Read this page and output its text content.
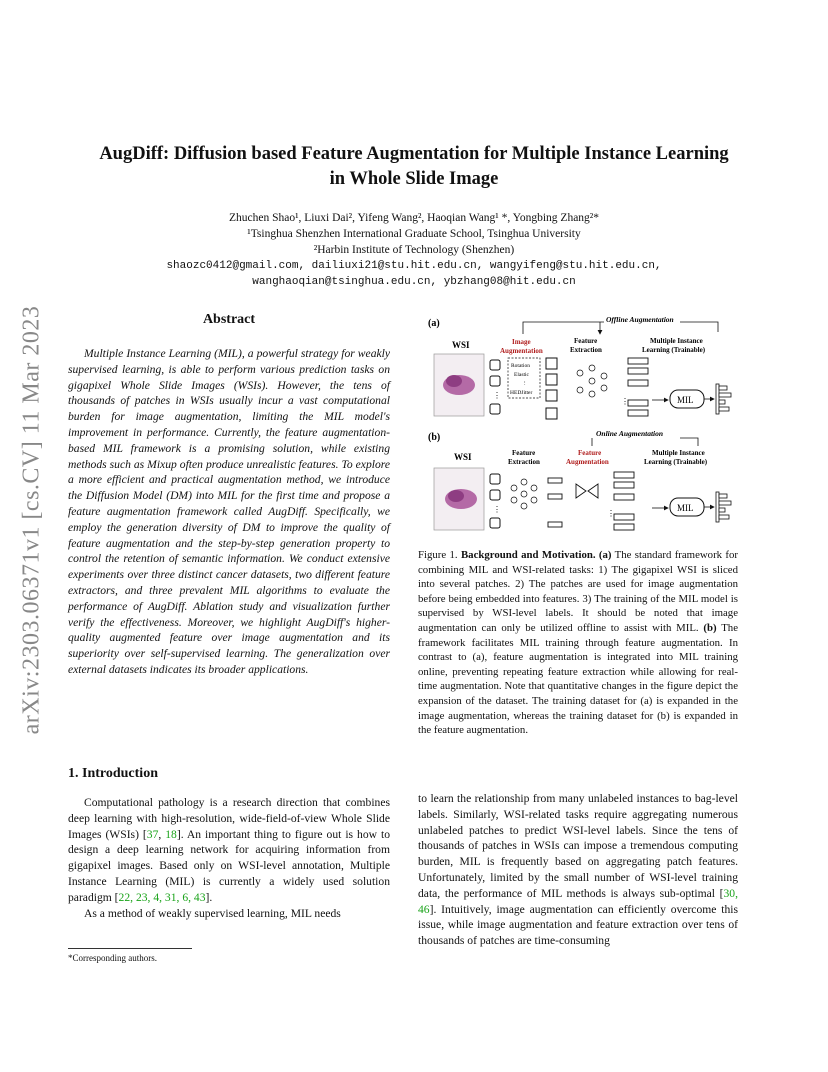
arXiv:2303.06371v1 [cs.CV] 11 Mar 2023
AugDiff: Diffusion based Feature Augmentation for Multiple Instance Learning
in Whole Slide Image
Zhuchen Shao¹, Liuxi Dai², Yifeng Wang², Haoqian Wang¹ *, Yongbing Zhang²*
¹Tsinghua Shenzhen International Graduate School, Tsinghua University
²Harbin Institute of Technology (Shenzhen)
shaozc0412@gmail.com, dailiuxi21@stu.hit.edu.cn, wangyifeng@stu.hit.edu.cn,
wanghaoqian@tsinghua.edu.cn, ybzhang08@hit.edu.cn
Abstract
Multiple Instance Learning (MIL), a powerful strategy for weakly supervised learning, is able to perform various prediction tasks on gigapixel Whole Slide Images (WSIs). However, the tens of thousands of patches in WSIs usually incur a vast computational burden for image augmentation, limiting the MIL model's improvement in performance. Currently, the feature augmentation-based MIL framework is a promising solution, while existing methods such as Mixup often produce unrealistic features. To explore a more efficient and practical augmentation method, we introduce the Diffusion Model (DM) into MIL for the first time and propose a feature augmentation framework called AugDiff. Specifically, we employ the generation diversity of DM to improve the quality of feature augmentation and the step-by-step generation property to control the retention of semantic information. We conduct extensive experiments over three distinct cancer datasets, two different feature extractors, and three prevalent MIL algorithms to evaluate the performance of AugDiff. Ablation study and visualization further verify the effectiveness. Moreover, we highlight AugDiff's higher-quality augmented feature over image augmentation and its superiority over self-supervised learning. The generalization over external datasets indicates its broader applications.
1. Introduction

Computational pathology is a research direction that combines deep learning with high-resolution, wide-field-of-view Whole Slide Images (WSIs) [37, 18]. An important thing to figure out is how to design a deep learning network for acquiring information from gigapixel images. Based only on WSI-level annotation, Multiple Instance Learning (MIL) is currently a widely used solution paradigm [22, 23, 4, 31, 6, 43].

As a method of weakly supervised learning, MIL needs

*Corresponding authors.
to learn the relationship from many unlabeled instances to bag-level labels. Similarly, WSI-related tasks require aggregating numerous unlabeled patches to predict WSI-level labels. Since the tens of thousands of patches in WSIs can impose a tremendous computing burden, MIL is frequently based on aggregating patch features. Unfortunately, limited by the small number of WSI-level training data, the performance of MIL methods is always sub-optimal [30, 46]. Intuitively, image augmentation can efficiently overcome this issue, while image augmentation and feature extraction over tens of thousands of patches are time-consuming
(a)	Offline Augmentation
WSI	Image
Augmentation
Feature
Extraction
Multiple Instance
Learning (Trainable)
⋮
Rotation
Elastic
⋮
HEDJitter
⋮	MIL
(b)	Online Augmentation
WSI	Feature
Extraction
Feature
Augmentation
Multiple Instance
Learning (Trainable)
⋮	⋮
MIL
Figure 1. Background and Motivation. (a) The standard framework for combining MIL and WSI-related tasks: 1) The gigapixel WSI is sliced into several patches. 2) The patches are used for image augmentation before being embedded into features. 3) The training of the MIL model is supervised by WSI-level labels. It should be noted that image augmentation can only be utilized offline to assist with MIL. (b) The framework facilitates MIL training through feature augmentation. In contrast to (a), feature augmentation is integrated into MIL training online, preventing repeating feature extraction while allowing for real-time augmentation. Note that quantitative changes in the figure depict the expansion of the dataset. The training dataset for (a) is expanded in the image augmentation, whereas the training dataset for (b) is expanded in the feature augmentation.
